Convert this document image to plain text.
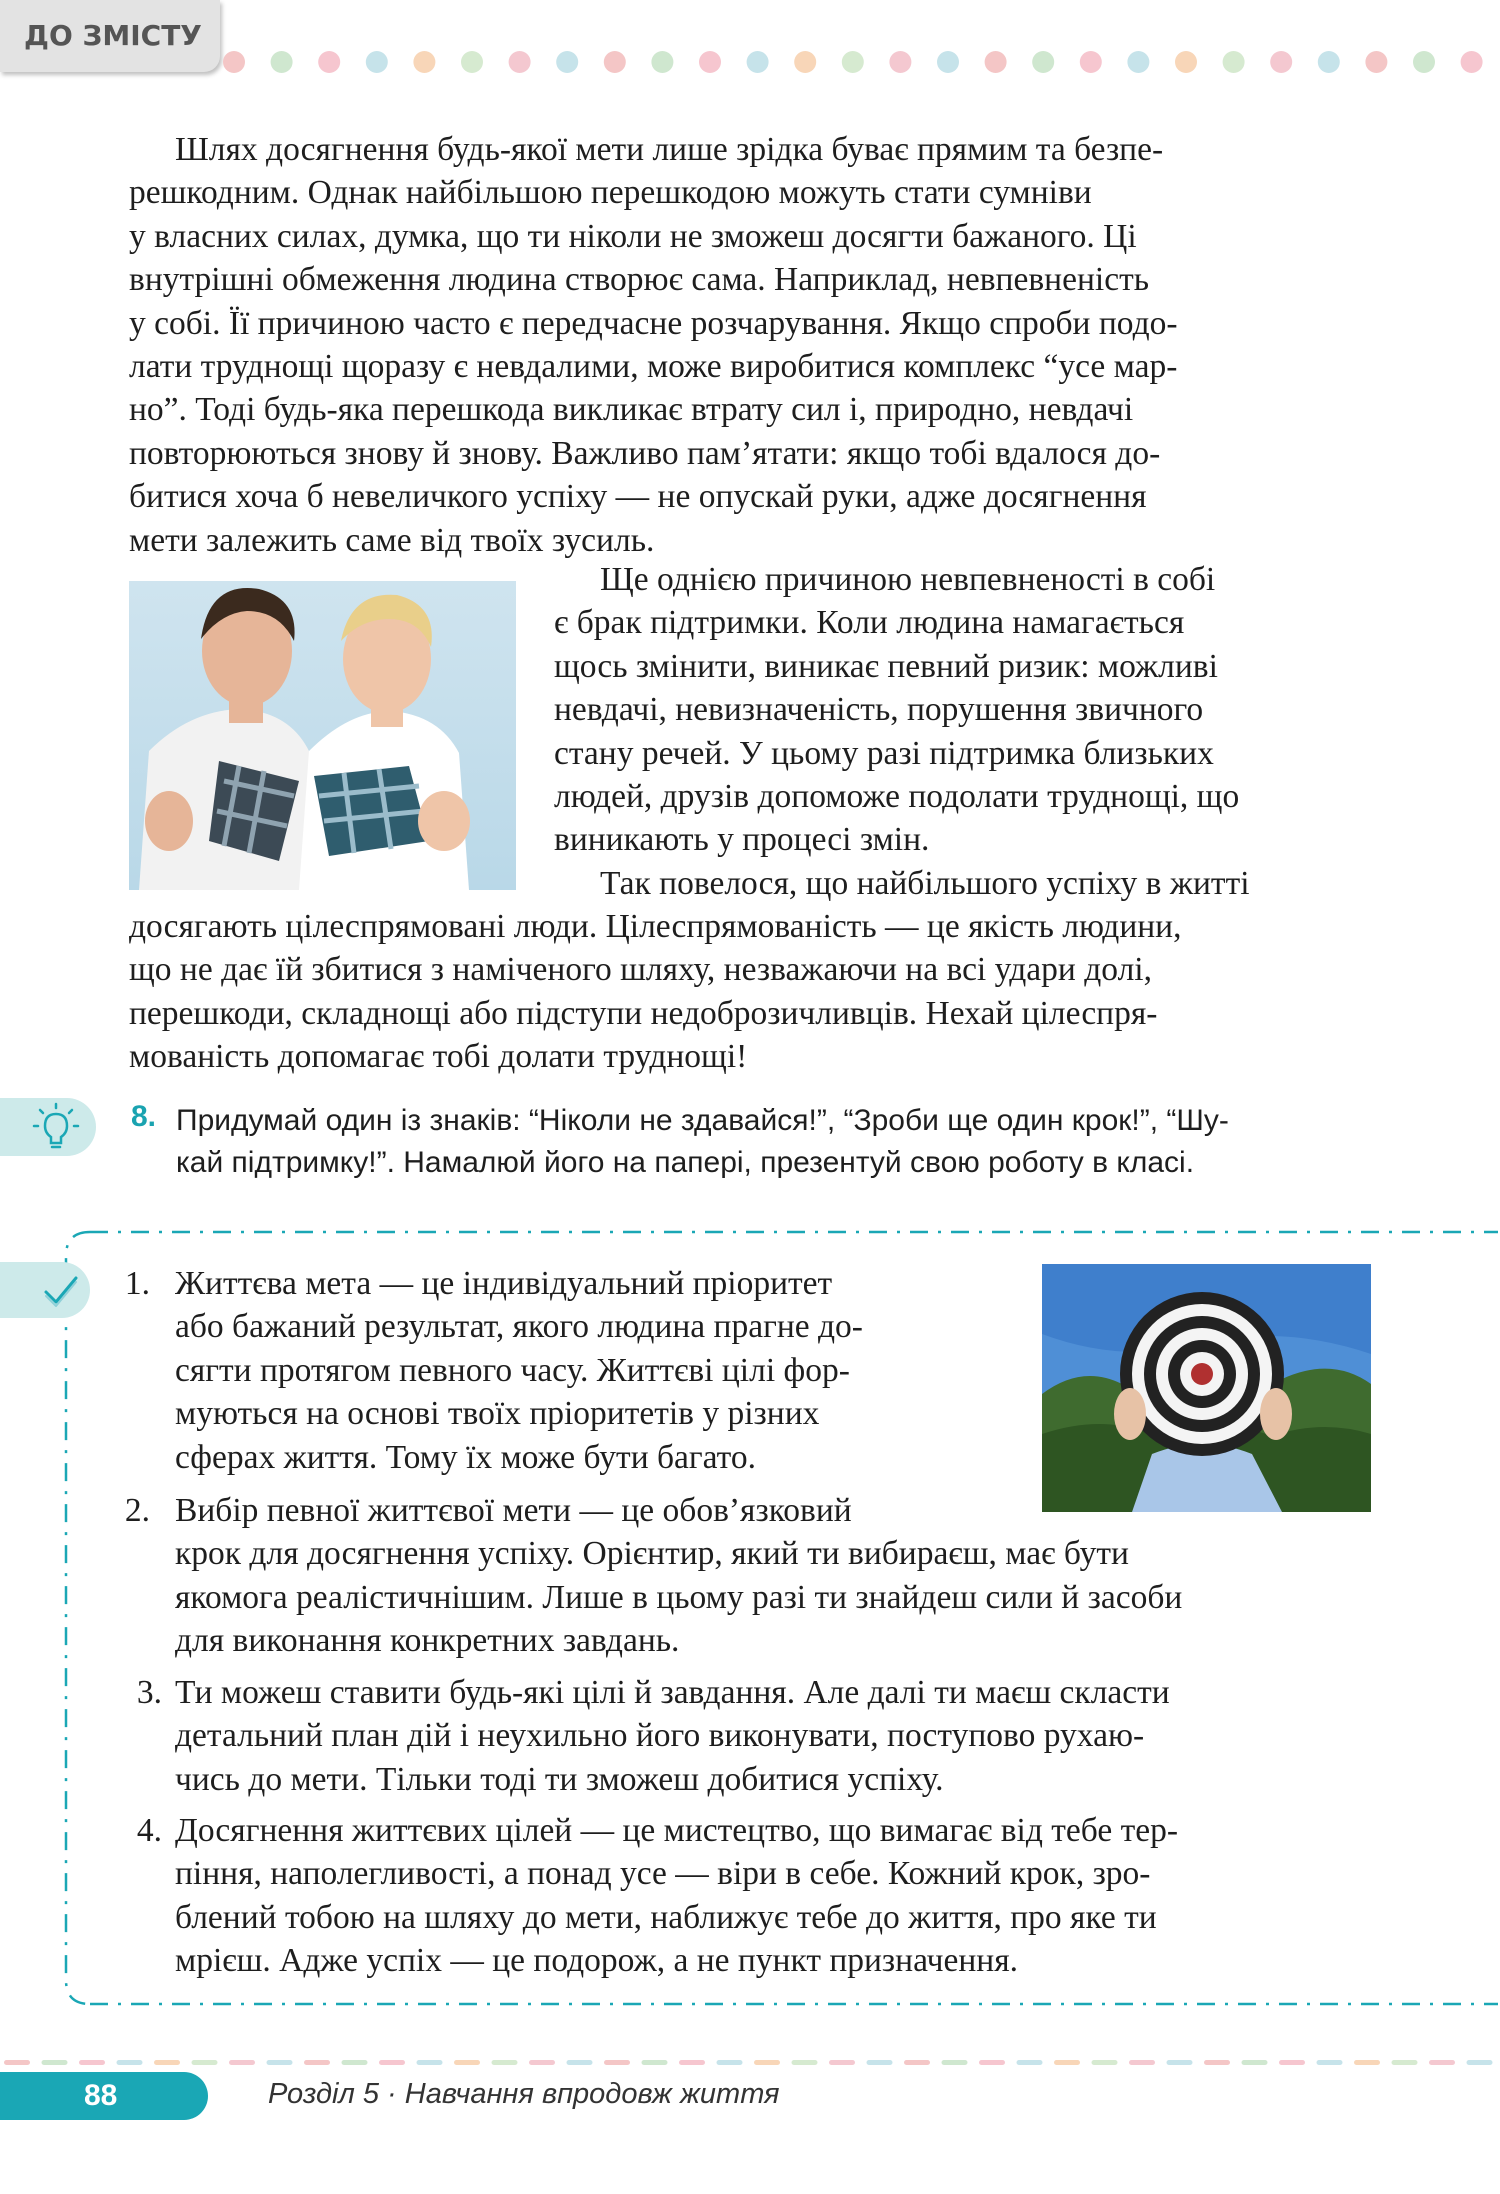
ДО ЗМІСТУ
Шлях досягнення будь-якої мети лише зрідка буває прямим та безпе-
решкодним. Однак найбільшою перешкодою можуть стати сумніви
у власних силах, думка, що ти ніколи не зможеш досягти бажаного. Ці
внутрішні обмеження людина створює сама. Наприклад, невпевненість
у собі. Її причиною часто є передчасне розчарування. Якщо спроби подо-
лати труднощі щоразу є невдалими, може виробитися комплекс “усе мар-
но”. Тоді будь-яка перешкода викликає втрату сил і, природно, невдачі
повторюються знову й знову. Важливо пам’ятати: якщо тобі вдалося до-
битися хоча б невеличкого успіху — не опускай руки, адже досягнення
мети залежить саме від твоїх зусиль.
Ще однією причиною невпевненості в собі
є брак підтримки. Коли людина намагається
щось змінити, виникає певний ризик: можливі
невдачі, невизначеність, порушення звичного
стану речей. У цьому разі підтримка близьких
людей, друзів допоможе подолати труднощі, що
виникають у процесі змін.
Так повелося, що найбільшого успіху в житті
досягають цілеспрямовані люди. Цілеспрямованість — це якість людини,
що не дає їй збитися з наміченого шляху, незважаючи на всі удари долі,
перешкоди, складнощі або підступи недоброзичливців. Нехай цілеспря-
мованість допомагає тобі долати труднощі!
8. Придумай один із знаків: “Ніколи не здавайся!”, “Зроби ще один крок!”, “Шу-
кай підтримку!”. Намалюй його на папері, презентуй свою роботу в класі.
1. Життєва мета — це індивідуальний пріоритет
або бажаний результат, якого людина прагне до-
сягти протягом певного часу. Життєві цілі фор-
муються на основі твоїх пріоритетів у різних
сферах життя. Тому їх може бути багато.
2. Вибір певної життєвої мети — це обов’язковий
крок для досягнення успіху. Орієнтир, який ти вибираєш, має бути
якомога реалістичнішим. Лише в цьому разі ти знайдеш сили й засоби
для виконання конкретних завдань.
3. Ти можеш ставити будь-які цілі й завдання. Але далі ти маєш скласти
детальний план дій і неухильно його виконувати, поступово рухаю-
чись до мети. Тільки тоді ти зможеш добитися успіху.
4. Досягнення життєвих цілей — це мистецтво, що вимагає від тебе тер-
піння, наполегливості, а понад усе — віри в себе. Кожний крок, зро-
блений тобою на шляху до мети, наближує тебе до життя, про яке ти
мрієш. Адже успіх — це подорож, а не пункт призначення.
88	Розділ 5 · Навчання впродовж життя
